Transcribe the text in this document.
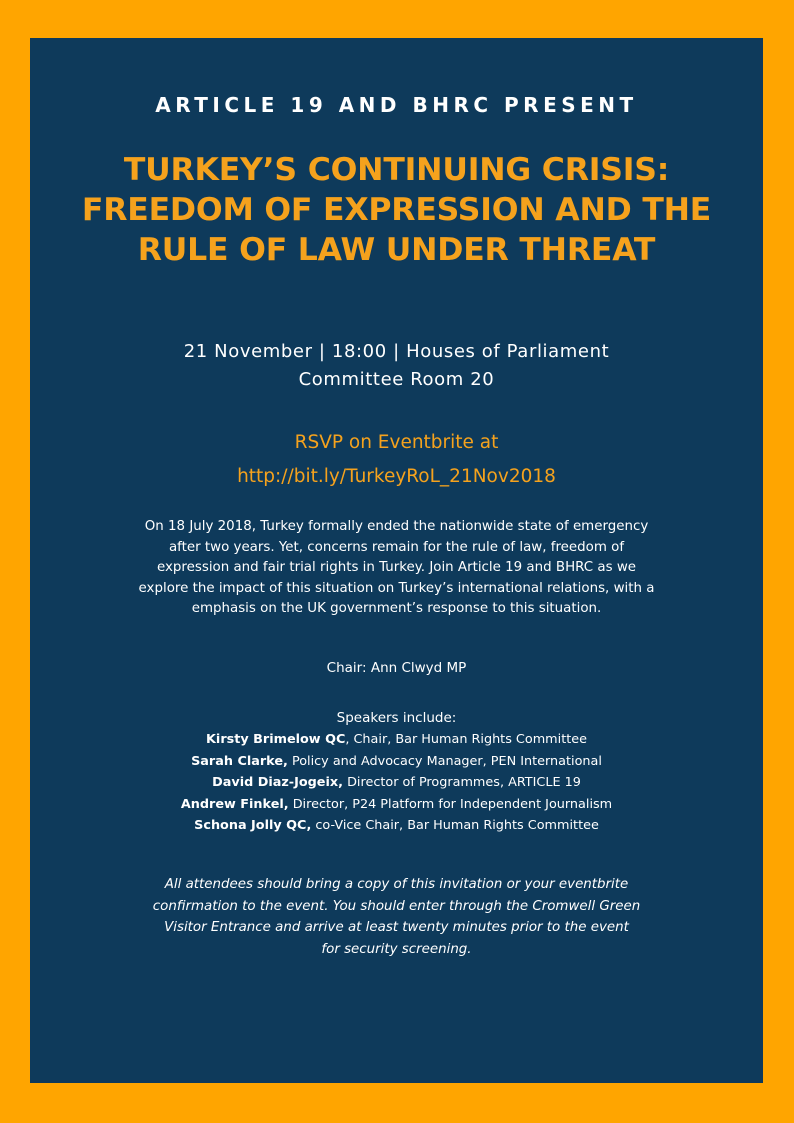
ARTICLE 19 AND BHRC PRESENT
TURKEY’S CONTINUING CRISIS:
FREEDOM OF EXPRESSION AND THE
RULE OF LAW UNDER THREAT
21 November | 18:00 | Houses of Parliament
Committee Room 20
RSVP on Eventbrite at
http://bit.ly/TurkeyRoL_21Nov2018
On 18 July 2018, Turkey formally ended the nationwide state of emergency
after two years. Yet, concerns remain for the rule of law, freedom of
expression and fair trial rights in Turkey. Join Article 19 and BHRC as we
explore the impact of this situation on Turkey’s international relations, with a
emphasis on the UK government’s response to this situation.
Chair: Ann Clwyd MP
Speakers include:
Kirsty Brimelow QC, Chair, Bar Human Rights Committee
Sarah Clarke, Policy and Advocacy Manager, PEN International
David Diaz-Jogeix, Director of Programmes, ARTICLE 19
Andrew Finkel, Director, P24 Platform for Independent Journalism
Schona Jolly QC, co-Vice Chair, Bar Human Rights Committee
All attendees should bring a copy of this invitation or your eventbrite
confirmation to the event. You should enter through the Cromwell Green
Visitor Entrance and arrive at least twenty minutes prior to the event
for security screening.
